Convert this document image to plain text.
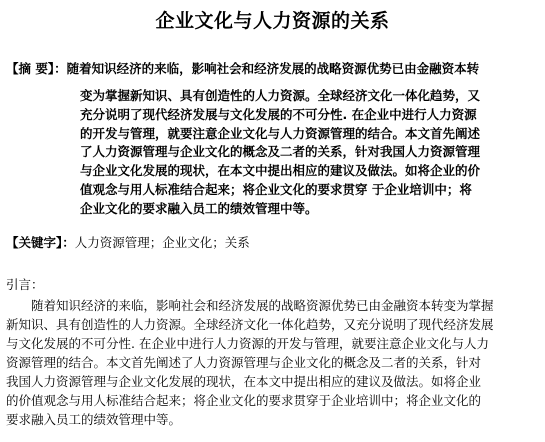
企业文化与人力资源的关系
【摘 要】：随着知识经济的来临，影响社会和经济发展的战略资源优势已由金融资本转

变为掌握新知识、具有创造性的人力资源。全球经济文化一体化趋势，又

充分说明了现代经济发展与文化发展的不可分性. 在企业中进行人力资源

的开发与管理，就要注意企业文化与人力资源管理的结合。本文首先阐述

了人力资源管理与企业文化的概念及二者的关系，针对我国人力资源管理

与企业文化发展的现状，在本文中提出相应的建议及做法。如将企业的价

值观念与用人标准结合起来；将企业文化的要求贯穿 于企业培训中；将

企业文化的要求融入员工的绩效管理中等。

【关键字】：人力资源管理；企业文化；关系
引言：

随着知识经济的来临，影响社会和经济发展的战略资源优势已由金融资本转变为掌握

新知识、具有创造性的人力资源。全球经济文化一体化趋势，又充分说明了现代经济发展

与文化发展的不可分性. 在企业中进行人力资源的开发与管理，就要注意企业文化与人力

资源管理的结合。本文首先阐述了人力资源管理与企业文化的概念及二者的关系，针对

我国人力资源管理与企业文化发展的现状，在本文中提出相应的建议及做法。如将企业

的价值观念与用人标准结合起来；将企业文化的要求贯穿于企业培训中；将企业文化的

要求融入员工的绩效管理中等。
